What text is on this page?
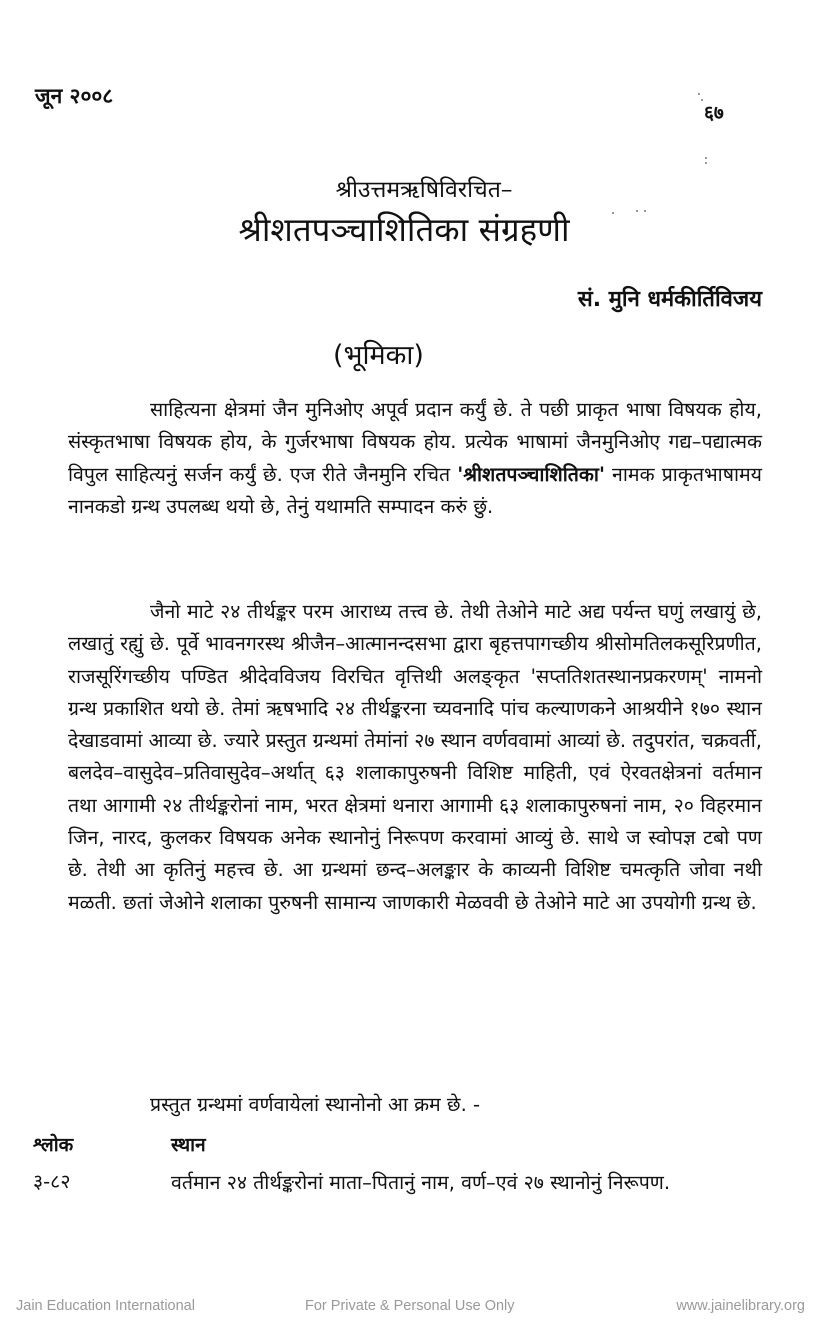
जून २००८
६७
श्रीउत्तमऋषिविरचित–
श्रीशतपञ्चाशितिका संग्रहणी
सं. मुनि धर्मकीर्तिविजय
(भूमिका)

साहित्यना क्षेत्रमां जैन मुनिओए अपूर्व प्रदान कर्युं छे. ते पछी प्राकृत भाषा विषयक होय, संस्कृतभाषा विषयक होय, के गुर्जरभाषा विषयक होय. प्रत्येक भाषामां जैनमुनिओए गद्य–पद्यात्मक विपुल साहित्यनुं सर्जन कर्युं छे. एज रीते जैनमुनि रचित 'श्रीशतपञ्चाशितिका' नामक प्राकृतभाषामय नानकडो ग्रन्थ उपलब्ध थयो छे, तेनुं यथामति सम्पादन करुं छुं.

जैनो माटे २४ तीर्थङ्कर परम आराध्य तत्त्व छे. तेथी तेओने माटे अद्य पर्यन्त घणुं लखायुं छे, लखातुं रह्युं छे. पूर्वे भावनगरस्थ श्रीजैन–आत्मानन्दसभा द्वारा बृहत्तपागच्छीय श्रीसोमतिलकसूरिप्रणीत, राजसूरिंगच्छीय पण्डित श्रीदेवविजय विरचित वृत्तिथी अलङ्कृत 'सप्ततिशतस्थानप्रकरणम्' नामनो ग्रन्थ प्रकाशित थयो छे. तेमां ऋषभादि २४ तीर्थङ्करना च्यवनादि पांच कल्याणकने आश्रयीने १७० स्थान देखाडवामां आव्या छे. ज्यारे प्रस्तुत ग्रन्थमां तेमांनां २७ स्थान वर्णववामां आव्यां छे. तदुपरांत, चक्रवर्ती, बलदेव–वासुदेव–प्रतिवासुदेव–अर्थात् ६३ शलाकापुरुषनी विशिष्ट माहिती, एवं ऐरवतक्षेत्रनां वर्तमान तथा आगामी २४ तीर्थङ्करोनां नाम, भरत क्षेत्रमां थनारा आगामी ६३ शलाकापुरुषनां नाम, २० विहरमान जिन, नारद, कुलकर विषयक अनेक स्थानोनुं निरूपण करवामां आव्युं छे. साथे ज स्वोपज्ञ टबो पण छे. तेथी आ कृतिनुं महत्त्व छे. आ ग्रन्थमां छन्द–अलङ्कार के काव्यनी विशिष्ट चमत्कृति जोवा नथी मळती. छतां जेओने शलाका पुरुषनी सामान्य जाणकारी मेळववी छे तेओने माटे आ उपयोगी ग्रन्थ छे.

प्रस्तुत ग्रन्थमां वर्णवायेलां स्थानोनो आ क्रम छे. -
श्लोक	स्थान
३-८२	वर्तमान २४ तीर्थङ्करोनां माता–पितानुं नाम, वर्ण–एवं २७ स्थानोनुं निरूपण.
Jain Education International	For Private & Personal Use Only	www.jainelibrary.org
